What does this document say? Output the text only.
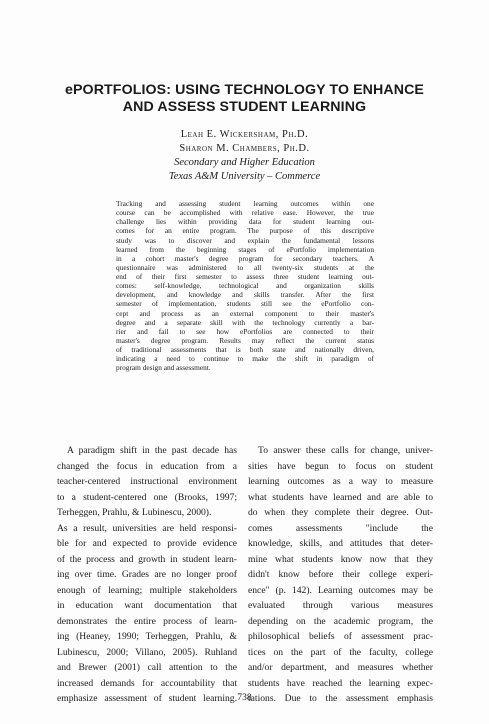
ePORTFOLIOS: USING TECHNOLOGY TO ENHANCE
AND ASSESS STUDENT LEARNING
Leah E. Wickersham, Ph.D.
Sharon M. Chambers, Ph.D.
Secondary and Higher Education
Texas A&M University – Commerce
Tracking and assessing student learning outcomes within one
course can be accomplished with relative ease. However, the true
challenge lies within providing data for student learning out-
comes for an entire program. The purpose of this descriptive
study was to discover and explain the fundamental lessons
learned from the beginning stages of ePortfolio implementation
in a cohort master's degree program for secondary teachers. A
questionnaire was administered to all twenty-six students at the
end of their first semester to assess three student learning out-
comes: self-knowledge, technological and organization skills
development, and knowledge and skills transfer. After the first
semester of implementation, students still see the ePortfolio con-
cept and process as an external component to their master's
degree and a separate skill with the technology currently a bar-
rier and fail to see how ePortfolios are connected to their
master's degree program. Results may reflect the current status
of traditional assessments that is both state and nationally driven,
indicating a need to continue to make the shift in paradigm of
program design and assessment.
A paradigm shift in the past decade has
changed the focus in education from a
teacher-centered instructional environment
to a student-centered one (Brooks, 1997;
Terheggen, Prahlu, & Lubinescu, 2000).
As a result, universities are held responsi-
ble for and expected to provide evidence
of the process and growth in student learn-
ing over time. Grades are no longer proof
enough of learning; multiple stakeholders
in education want documentation that
demonstrates the entire process of learn-
ing (Heaney, 1990; Terheggen, Prahlu, &
Lubinescu, 2000; Villano, 2005). Ruhland
and Brewer (2001) call attention to the
increased demands for accountability that
emphasize assessment of student learning.
To answer these calls for change, univer-
sities have begun to focus on student
learning outcomes as a way to measure
what students have learned and are able to
do when they complete their degree. Out-
comes assessments "include the
knowledge, skills, and attitudes that deter-
mine what students know now that they
didn't know before their college experi-
ence" (p. 142). Learning outcomes may be
evaluated through various measures
depending on the academic program, the
philosophical beliefs of assessment prac-
tices on the part of the faculty, college
and/or department, and measures whether
students have reached the learning expec-
tations. Due to the assessment emphasis
738
